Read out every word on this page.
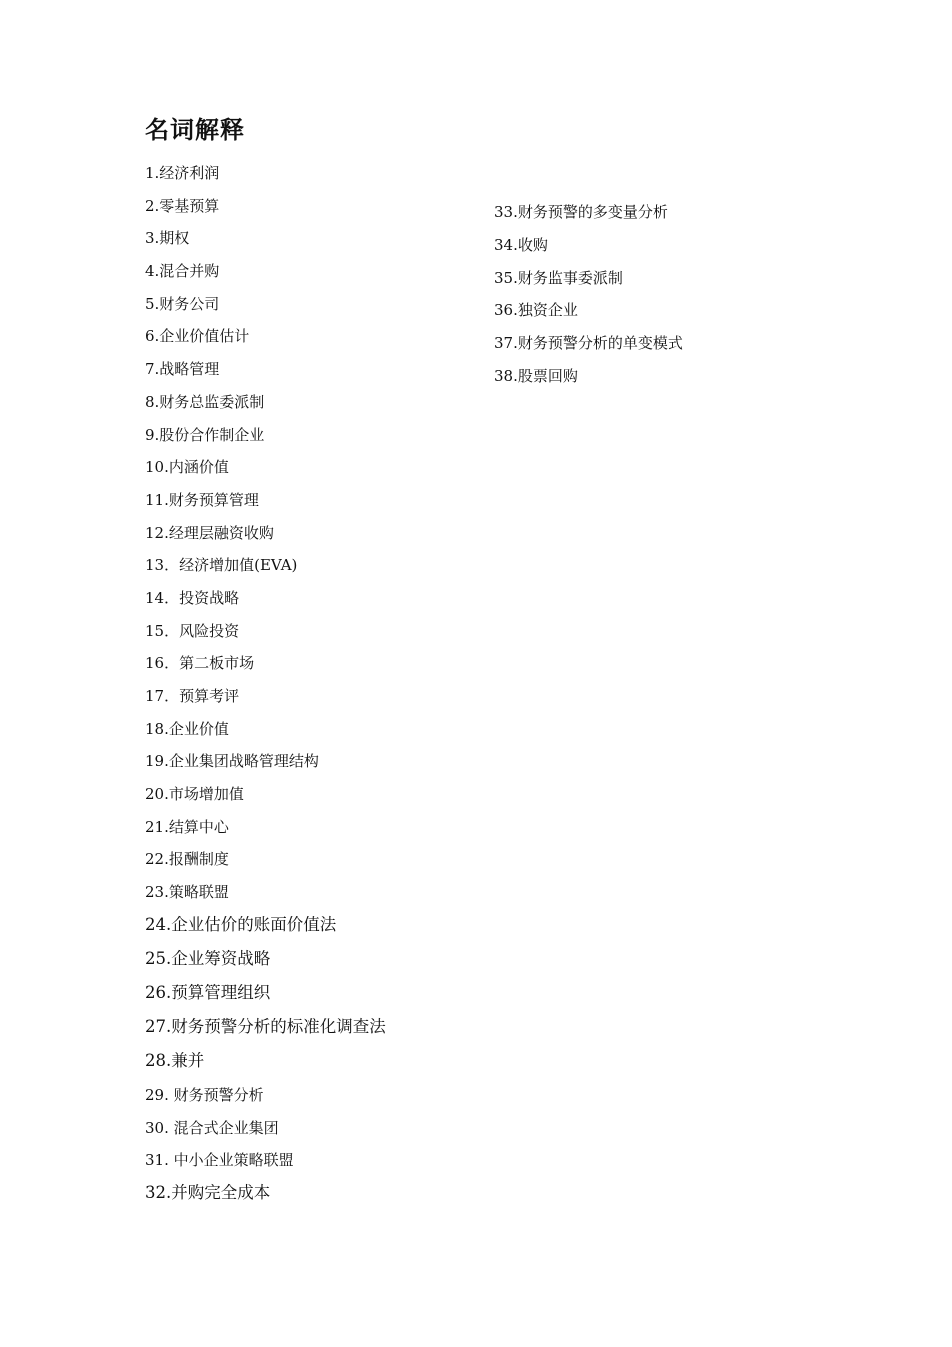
名词解释
1.经济利润
2.零基预算
3.期权
4.混合并购
5.财务公司
6.企业价值估计
7.战略管理
8.财务总监委派制
9.股份合作制企业
10.内涵价值
11.财务预算管理
12.经理层融资收购
13．经济增加值(EVA)
14．投资战略
15．风险投资
16．第二板市场
17．预算考评
18.企业价值
19.企业集团战略管理结构
20.市场增加值
21.结算中心
22.报酬制度
23.策略联盟
24.企业估价的账面价值法
25.企业筹资战略
26.预算管理组织
27.财务预警分析的标准化调查法
28.兼并
29. 财务预警分析
30. 混合式企业集团
31. 中小企业策略联盟
32.并购完全成本
33.财务预警的多变量分析
34.收购
35.财务监事委派制
36.独资企业
37.财务预警分析的单变模式
38.股票回购
